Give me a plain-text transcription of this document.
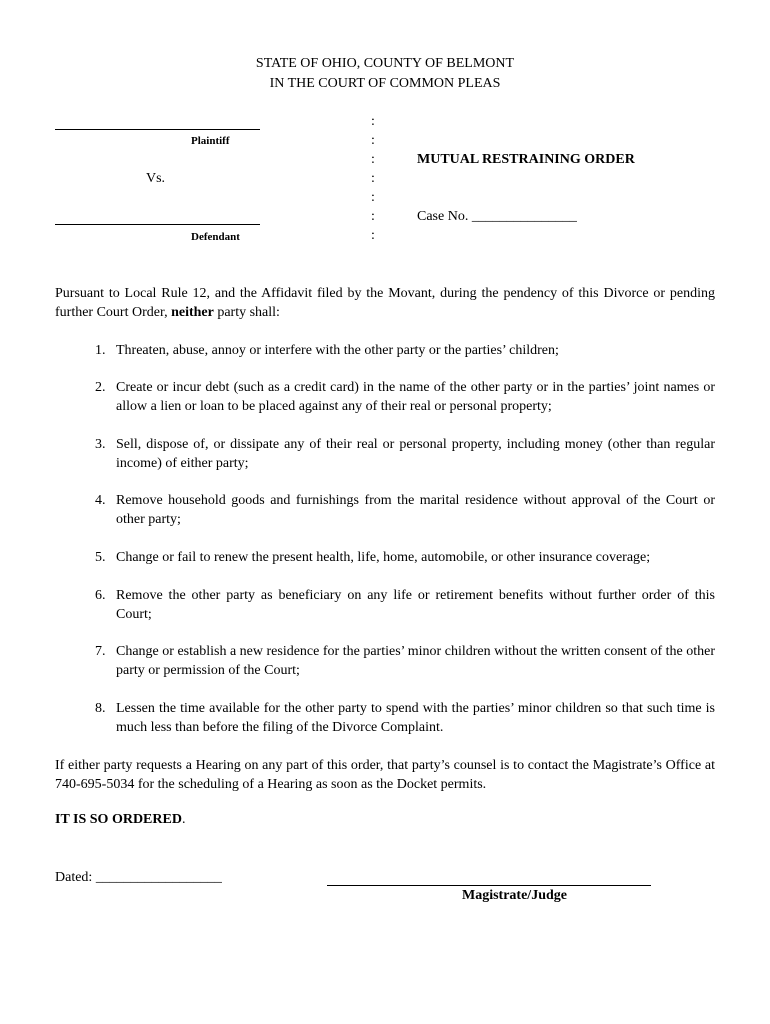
STATE OF OHIO, COUNTY OF BELMONT
IN THE COURT OF COMMON PLEAS
Plaintiff
Vs.
Defendant
:
:
:
:
:
:
:
MUTUAL RESTRAINING ORDER
Case No. _______________
Pursuant to Local Rule 12, and the Affidavit filed by the Movant, during the pendency of this Divorce or pending further Court Order, neither party shall:
1. Threaten, abuse, annoy or interfere with the other party or the parties’ children;
2. Create or incur debt (such as a credit card) in the name of the other party or in the parties’ joint names or allow a lien or loan to be placed against any of their real or personal property;
3. Sell, dispose of, or dissipate any of their real or personal property, including money (other than regular income) of either party;
4. Remove household goods and furnishings from the marital residence without approval of the Court or other party;
5. Change or fail to renew the present health, life, home, automobile, or other insurance coverage;
6. Remove the other party as beneficiary on any life or retirement benefits without further order of this Court;
7. Change or establish a new residence for the parties’ minor children without the written consent of the other party or permission of the Court;
8. Lessen the time available for the other party to spend with the parties’ minor children so that such time is much less than before the filing of the Divorce Complaint.
If either party requests a Hearing on any part of this order, that party’s counsel is to contact the Magistrate’s Office at 740-695-5034 for the scheduling of a Hearing as soon as the Docket permits.
IT IS SO ORDERED.
Dated: __________________
Magistrate/Judge
